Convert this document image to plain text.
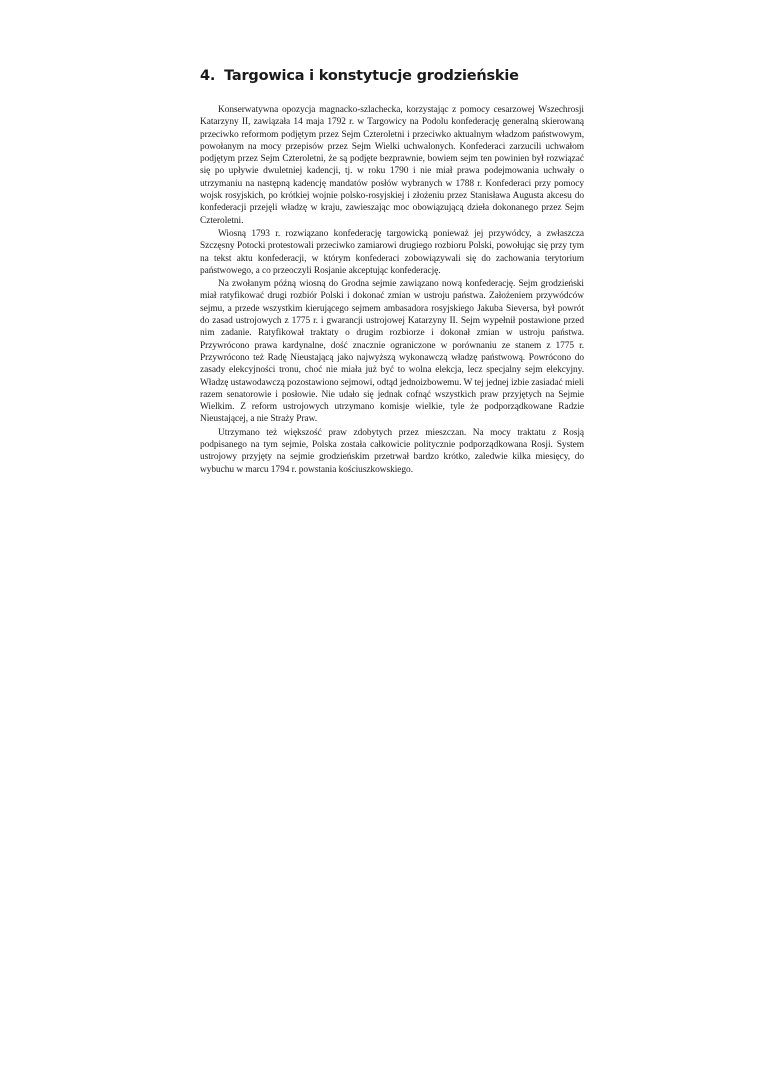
4. Targowica i konstytucje grodzieńskie

Konserwatywna opozycja magnacko-szlachecka, korzystając z pomocy cesarzowej Wszechrosji Katarzyny II, zawiązała 14 maja 1792 r. w Targowicy na Podolu konfederację generalną skierowaną przeciwko reformom podjętym przez Sejm Czteroletni i przeciwko aktualnym władzom państwowym, powołanym na mocy przepisów przez Sejm Wielki uchwalonych. Konfederaci zarzucili uchwałom podjętym przez Sejm Czteroletni, że są podjęte bezprawnie, bowiem sejm ten powinien był rozwiązać się po upływie dwuletniej kadencji, tj. w roku 1790 i nie miał prawa podejmowania uchwały o utrzymaniu na następną kadencję mandatów posłów wybranych w 1788 r. Konfederaci przy pomocy wojsk rosyjskich, po krótkiej wojnie polsko-rosyjskiej i złożeniu przez Stanisława Augusta akcesu do konfederacji przejęli władzę w kraju, zawieszając moc obowiązującą dzieła dokonanego przez Sejm Czteroletni.

Wiosną 1793 r. rozwiązano konfederację targowicką ponieważ jej przywódcy, a zwłaszcza Szczęsny Potocki protestowali przeciwko zamiarowi drugiego rozbioru Polski, powołując się przy tym na tekst aktu konfederacji, w którym konfederaci zobowiązywali się do zachowania terytorium państwowego, a co przeoczyli Rosjanie akceptując konfederację.

Na zwołanym późną wiosną do Grodna sejmie zawiązano nową konfederację. Sejm grodzieński miał ratyfikować drugi rozbiór Polski i dokonać zmian w ustroju państwa. Założeniem przywódców sejmu, a przede wszystkim kierującego sejmem ambasadora rosyjskiego Jakuba Sieversa, był powrót do zasad ustrojowych z 1775 r. i gwarancji ustrojowej Katarzyny II. Sejm wypełnił postawione przed nim zadanie. Ratyfikował traktaty o drugim rozbiorze i dokonał zmian w ustroju państwa. Przywrócono prawa kardynalne, dość znacznie ograniczone w porównaniu ze stanem z 1775 r. Przywrócono też Radę Nieustającą jako najwyższą wykonawczą władzę państwową. Powrócono do zasady elekcyjności tronu, choć nie miała już być to wolna elekcja, lecz specjalny sejm elekcyjny. Władzę ustawodawczą pozostawiono sejmowi, odtąd jednoizbowemu. W tej jednej izbie zasiadać mieli razem senatorowie i posłowie. Nie udało się jednak cofnąć wszystkich praw przyjętych na Sejmie Wielkim. Z reform ustrojowych utrzymano komisje wielkie, tyle że podporządkowane Radzie Nieustającej, a nie Straży Praw.

Utrzymano też większość praw zdobytych przez mieszczan. Na mocy traktatu z Rosją podpisanego na tym sejmie, Polska została całkowicie politycznie podporządkowana Rosji. System ustrojowy przyjęty na sejmie grodzieńskim przetrwał bardzo krótko, zaledwie kilka miesięcy, do wybuchu w marcu 1794 r. powstania kościuszkowskiego.
